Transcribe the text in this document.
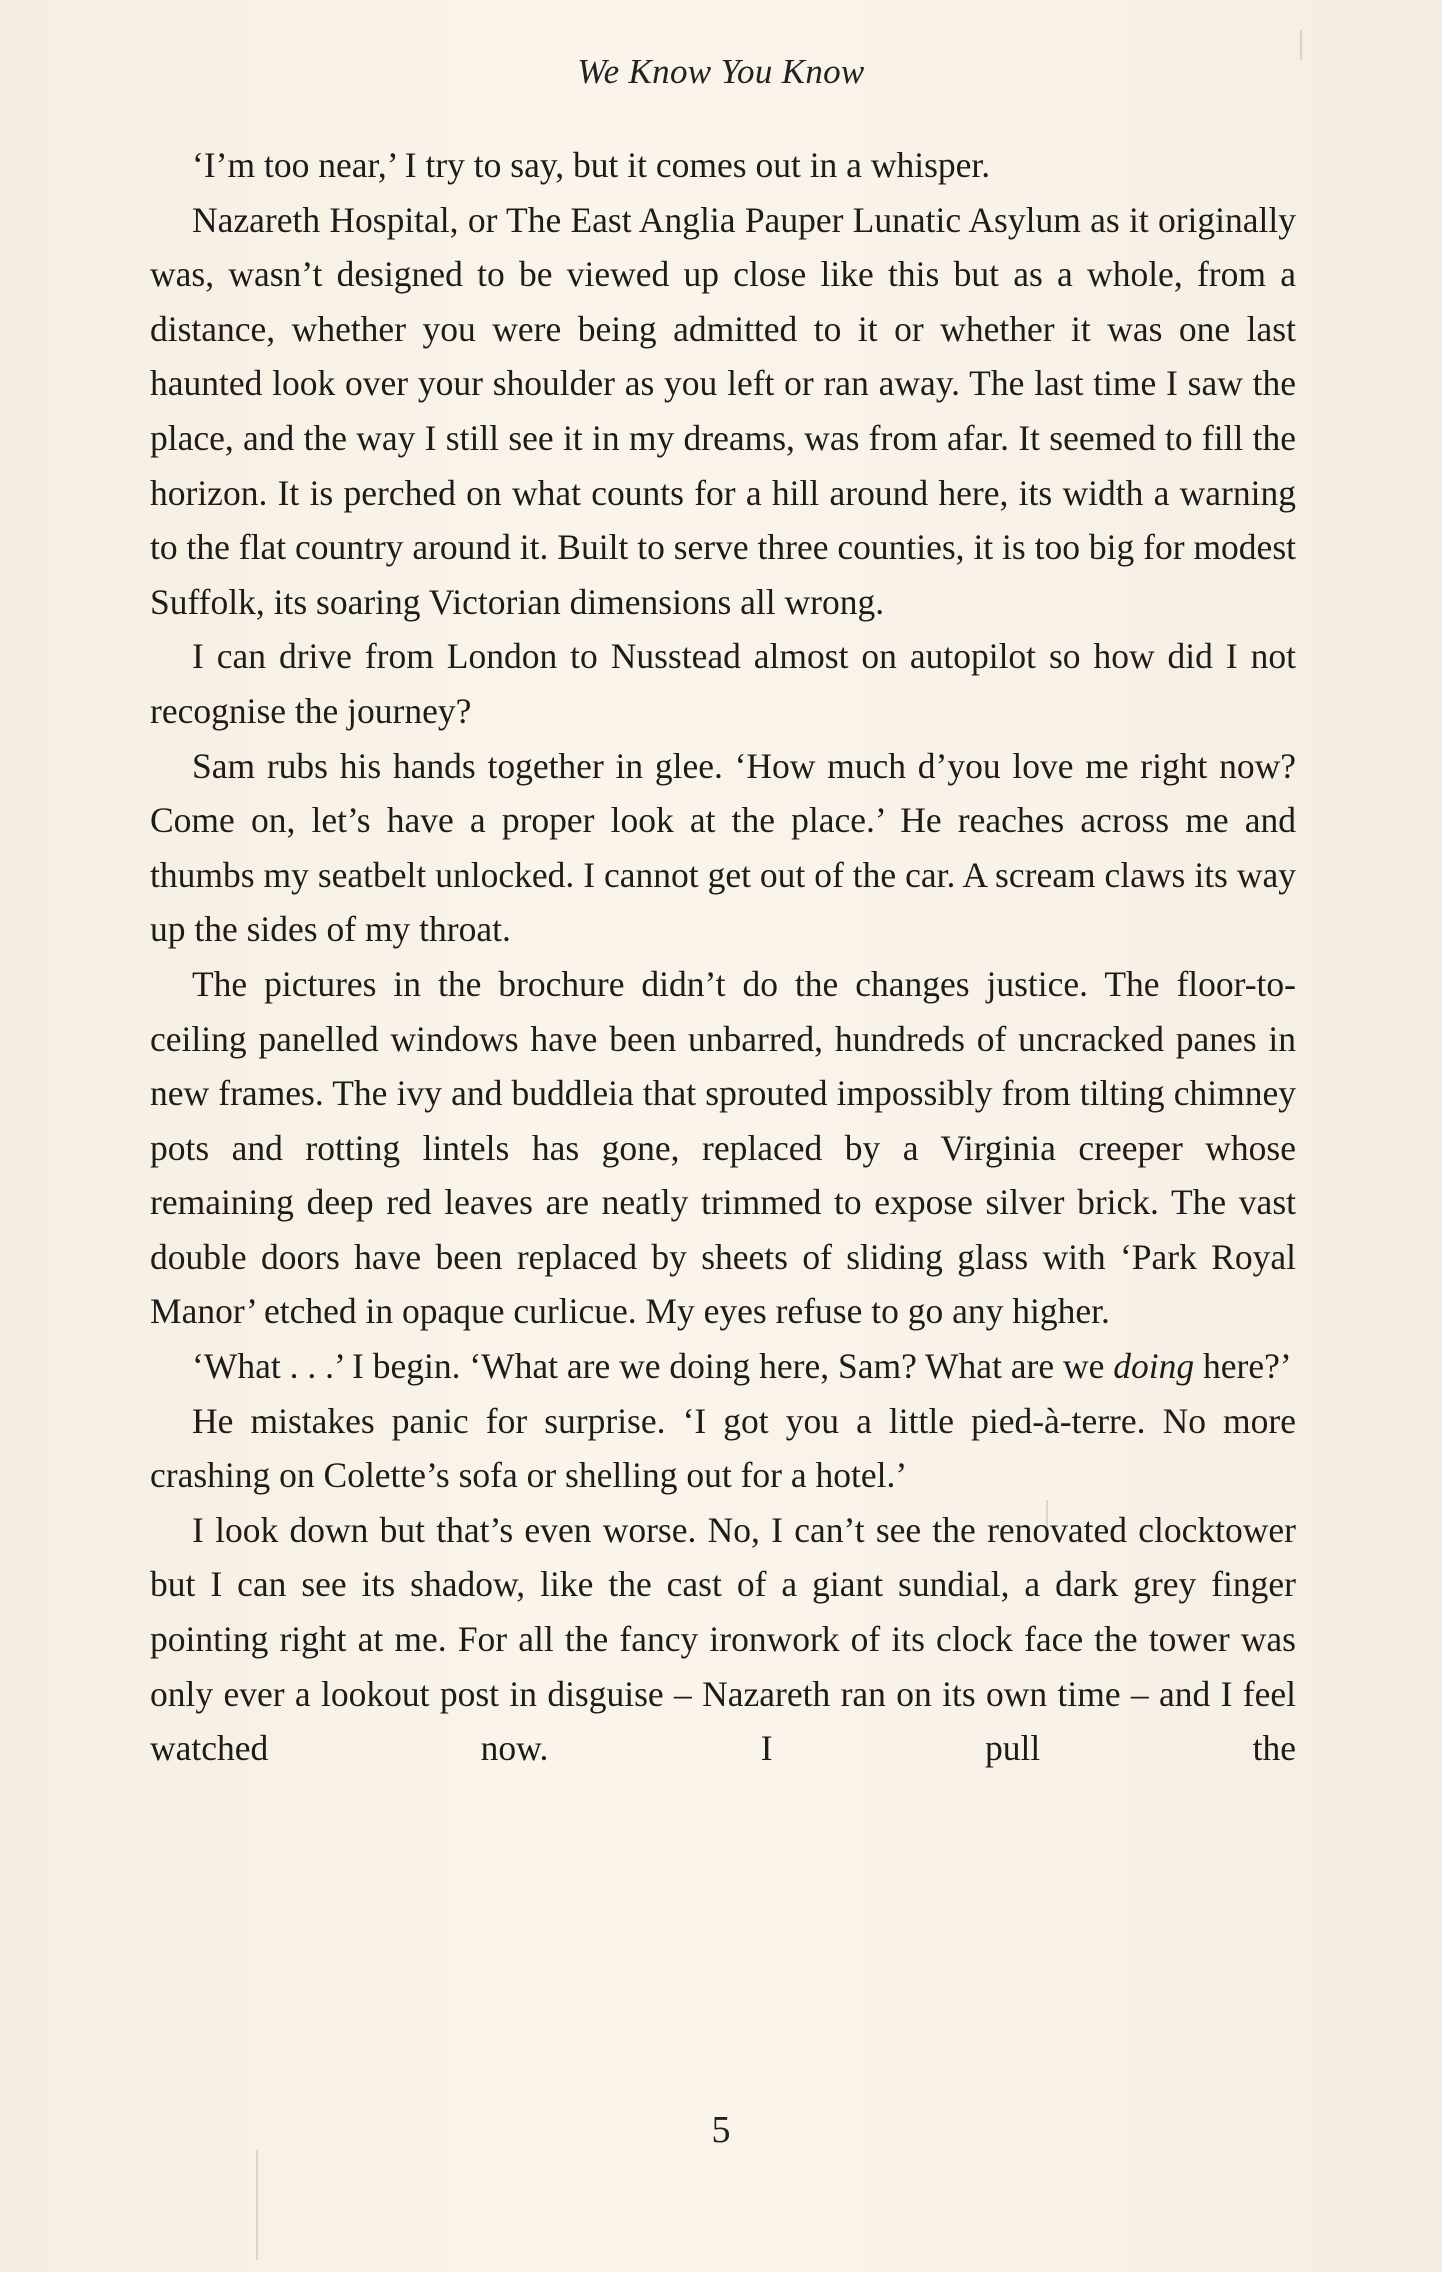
We Know You Know

‘I’m too near,’ I try to say, but it comes out in a whisper.

Nazareth Hospital, or The East Anglia Pauper Lunatic Asylum as it originally was, wasn’t designed to be viewed up close like this but as a whole, from a distance, whether you were being admitted to it or whether it was one last haunted look over your shoulder as you left or ran away. The last time I saw the place, and the way I still see it in my dreams, was from afar. It seemed to fill the horizon. It is perched on what counts for a hill around here, its width a warning to the flat country around it. Built to serve three counties, it is too big for modest Suffolk, its soaring Victorian dimensions all wrong.

I can drive from London to Nusstead almost on autopilot so how did I not recognise the journey?

Sam rubs his hands together in glee. ‘How much d’you love me right now? Come on, let’s have a proper look at the place.’ He reaches across me and thumbs my seatbelt unlocked. I cannot get out of the car. A scream claws its way up the sides of my throat.

The pictures in the brochure didn’t do the changes justice. The floor-to-ceiling panelled windows have been unbarred, hundreds of uncracked panes in new frames. The ivy and buddleia that sprouted impossibly from tilting chimney pots and rotting lintels has gone, replaced by a Virginia creeper whose remaining deep red leaves are neatly trimmed to expose silver brick. The vast double doors have been replaced by sheets of sliding glass with ‘Park Royal Manor’ etched in opaque curlicue. My eyes refuse to go any higher.

‘What . . .’ I begin. ‘What are we doing here, Sam? What are we doing here?’

He mistakes panic for surprise. ‘I got you a little pied-à-terre. No more crashing on Colette’s sofa or shelling out for a hotel.’

I look down but that’s even worse. No, I can’t see the renovated clocktower but I can see its shadow, like the cast of a giant sundial, a dark grey finger pointing right at me. For all the fancy ironwork of its clock face the tower was only ever a lookout post in disguise – Nazareth ran on its own time – and I feel watched now. I pull the

5
